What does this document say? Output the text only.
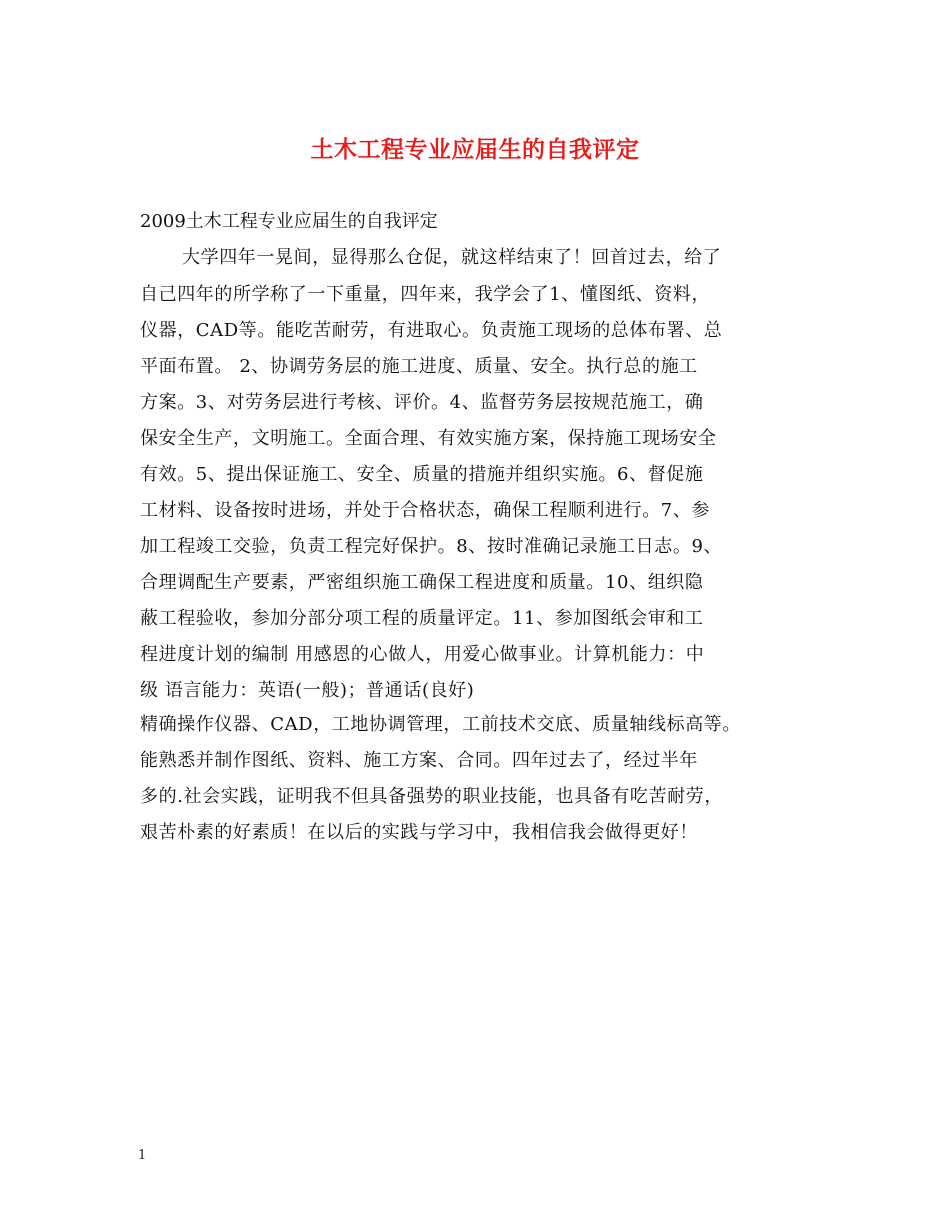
土木工程专业应届生的自我评定
2009土木工程专业应届生的自我评定
大学四年一晃间，显得那么仓促，就这样结束了！回首过去，给了
自己四年的所学称了一下重量，四年来，我学会了1、懂图纸、资料，
仪器，CAD等。能吃苦耐劳，有进取心。负责施工现场的总体布署、总
平面布置。 2、协调劳务层的施工进度、质量、安全。执行总的施工
方案。3、对劳务层进行考核、评价。4、监督劳务层按规范施工，确
保安全生产，文明施工。全面合理、有效实施方案，保持施工现场安全
有效。5、提出保证施工、安全、质量的措施并组织实施。6、督促施
工材料、设备按时进场，并处于合格状态，确保工程顺利进行。7、参
加工程竣工交验，负责工程完好保护。8、按时准确记录施工日志。9、
合理调配生产要素，严密组织施工确保工程进度和质量。10、组织隐
蔽工程验收，参加分部分项工程的质量评定。11、参加图纸会审和工
程进度计划的编制 用感恩的心做人，用爱心做事业。计算机能力：中
级 语言能力：英语(一般)；普通话(良好)
精确操作仪器、CAD，工地协调管理，工前技术交底、质量轴线标高等。
能熟悉并制作图纸、资料、施工方案、合同。四年过去了，经过半年
多的.社会实践，证明我不但具备强势的职业技能，也具备有吃苦耐劳，
艰苦朴素的好素质！在以后的实践与学习中，我相信我会做得更好！
1
